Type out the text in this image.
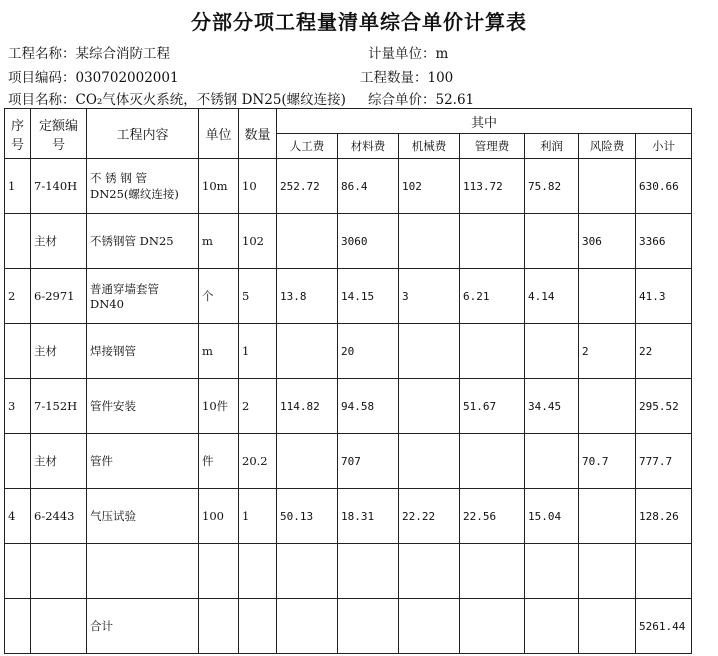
分部分项工程量清单综合单价计算表
工程名称：某综合消防工程	计量单位：m
项目编码：030702002001	工程数量：100
项目名称：CO₂气体灭火系统，不锈钢 DN25(螺纹连接) 综合单价：52.61
序号	定额编号	工程内容	单位	数量	其中						
					人工费	材料费	机械费	管理费	利润	风险费	小计
1	7-140H	不 锈 钢 管 DN25(螺纹连接)	10m	10	252.72	86.4	102	113.72	75.82		630.66
	主材	不锈钢管 DN25	m	102		3060				306	3366
2	6-2971	普通穿墙套管 DN40	个	5	13.8	14.15	3	6.21	4.14		41.3
	主材	焊接钢管	m	1		20				2	22
3	7-152H	管件安装	10件	2	114.82	94.58		51.67	34.45		295.52
	主材	管件	件	20.2		707				70.7	777.7
4	6-2443	气压试验	100	1	50.13	18.31	22.22	22.56	15.04		128.26

		合计									5261.44
